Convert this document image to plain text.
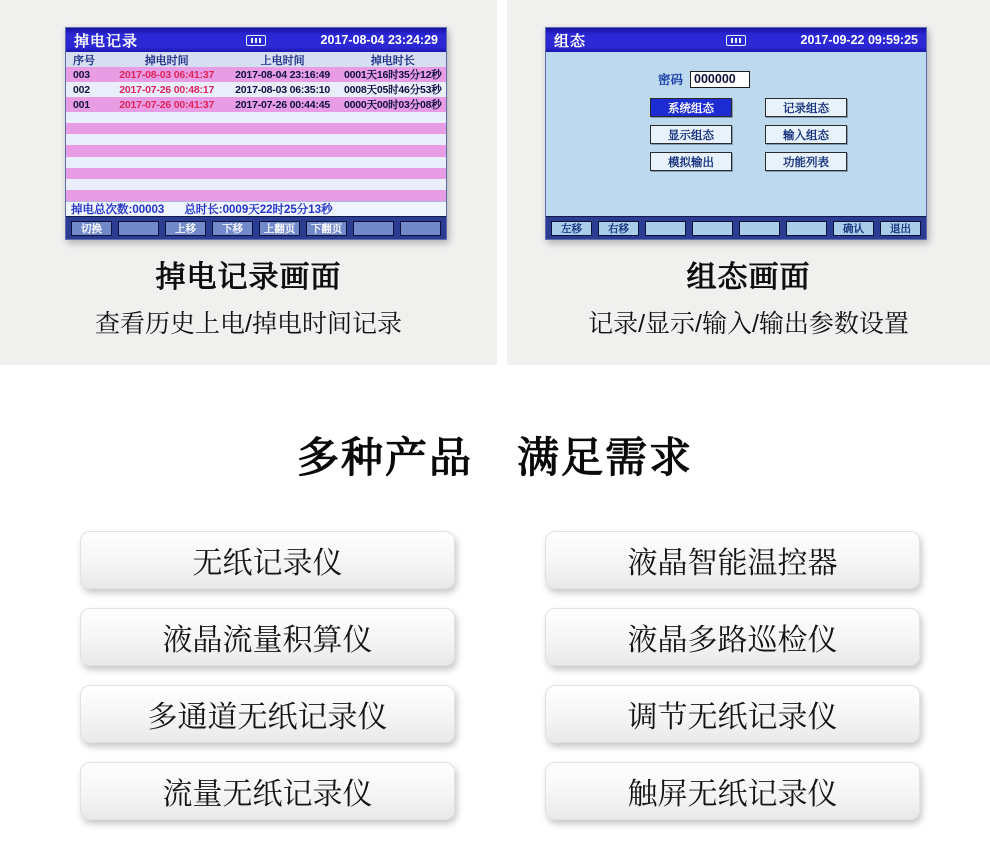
掉电记录	2017-08-04 23:24:29
序号	掉电时间	上电时间	掉电时长
003	2017-08-03 06:41:37	2017-08-04 23:16:49	0001天16时35分12秒
002	2017-07-26 00:48:17	2017-08-03 06:35:10	0008天05时46分53秒
001	2017-07-26 00:41:37	2017-07-26 00:44:45	0000天00时03分08秒
掉电总次数:00003 总时长:0009天22时25分13秒
切换	上移	下移	上翻页	下翻页
掉电记录画面
查看历史上电/掉电时间记录
组态	2017-09-22 09:59:25
密码
000000
系统组态	记录组态
显示组态	输入组态
模拟输出	功能列表
左移	右移	确认	退出
组态画面
记录/显示/输入/输出参数设置
多种产品　满足需求
无纸记录仪
液晶流量积算仪
多通道无纸记录仪
流量无纸记录仪
液晶智能温控器
液晶多路巡检仪
调节无纸记录仪
触屏无纸记录仪
